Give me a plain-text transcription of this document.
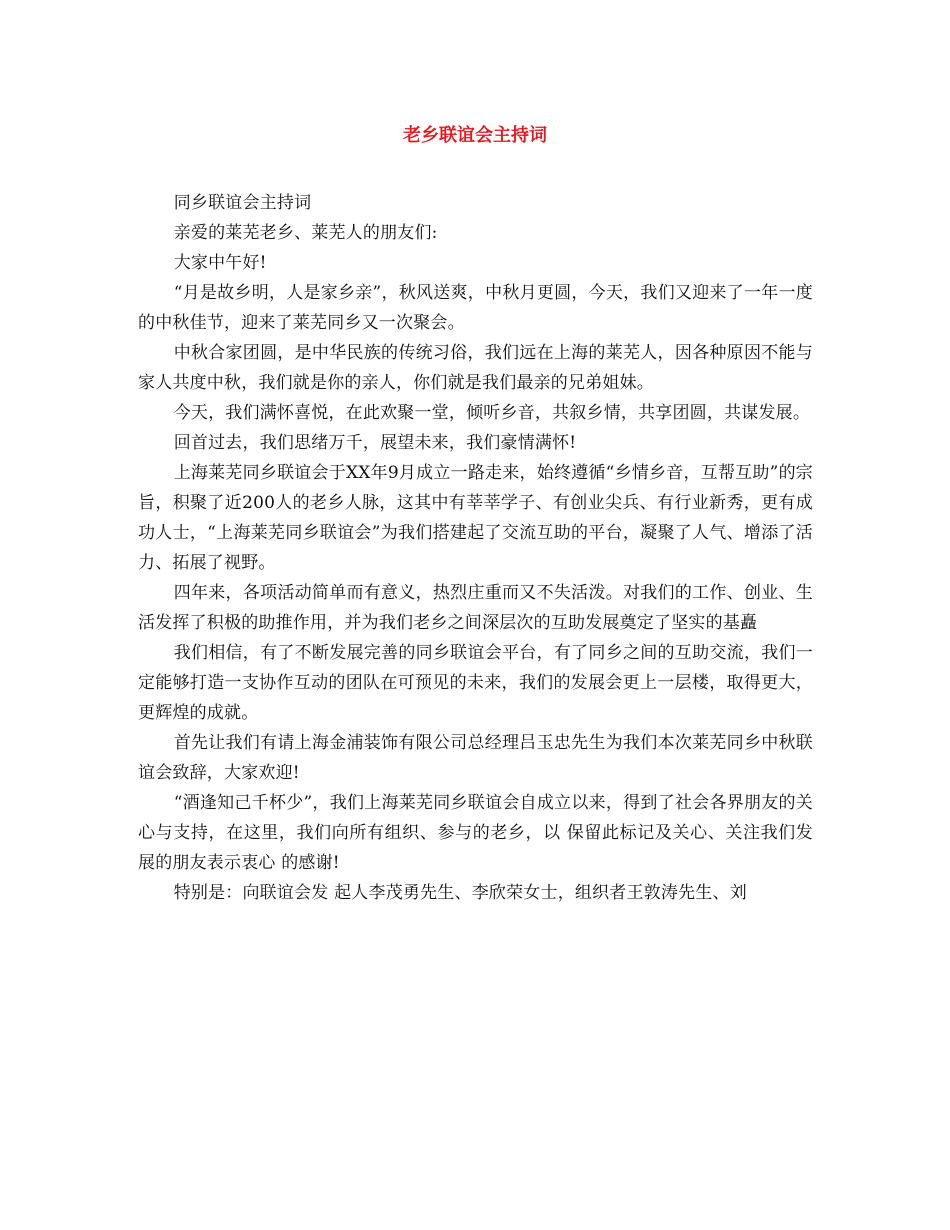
老乡联谊会主持词

同乡联谊会主持词

亲爱的莱芜老乡、莱芜人的朋友们:

大家中午好!

“月是故乡明，人是家乡亲”，秋风送爽，中秋月更圆，今天，我们又迎来了一年一度的中秋佳节，迎来了莱芜同乡又一次聚会。

中秋合家团圆，是中华民族的传统习俗，我们远在上海的莱芜人，因各种原因不能与家人共度中秋，我们就是你的亲人，你们就是我们最亲的兄弟姐妹。

今天，我们满怀喜悦，在此欢聚一堂，倾听乡音，共叙乡情，共享团圆，共谋发展。

回首过去，我们思绪万千，展望未来，我们豪情满怀!

上海莱芜同乡联谊会于XX年9月成立一路走来，始终遵循“乡情乡音，互帮互助”的宗旨，积聚了近200人的老乡人脉，这其中有莘莘学子、有创业尖兵、有行业新秀，更有成功人士，“上海莱芜同乡联谊会”为我们搭建起了交流互助的平台，凝聚了人气、增添了活力、拓展了视野。

四年来，各项活动简单而有意义，热烈庄重而又不失活泼。对我们的工作、创业、生活发挥了积极的助推作用，并为我们老乡之间深层次的互助发展奠定了坚实的基矗

我们相信，有了不断发展完善的同乡联谊会平台，有了同乡之间的互助交流，我们一定能够打造一支协作互动的团队在可预见的未来，我们的发展会更上一层楼，取得更大，更辉煌的成就。

首先让我们有请上海金浦装饰有限公司总经理吕玉忠先生为我们本次莱芜同乡中秋联谊会致辞，大家欢迎!

“酒逢知己千杯少”，我们上海莱芜同乡联谊会自成立以来，得到了社会各界朋友的关心与支持，在这里，我们向所有组织、参与的老乡，以 保留此标记及关心、关注我们发展的朋友表示衷心 的感谢!

特别是：向联谊会发 起人李茂勇先生、李欣荣女士，组织者王敦涛先生、刘
